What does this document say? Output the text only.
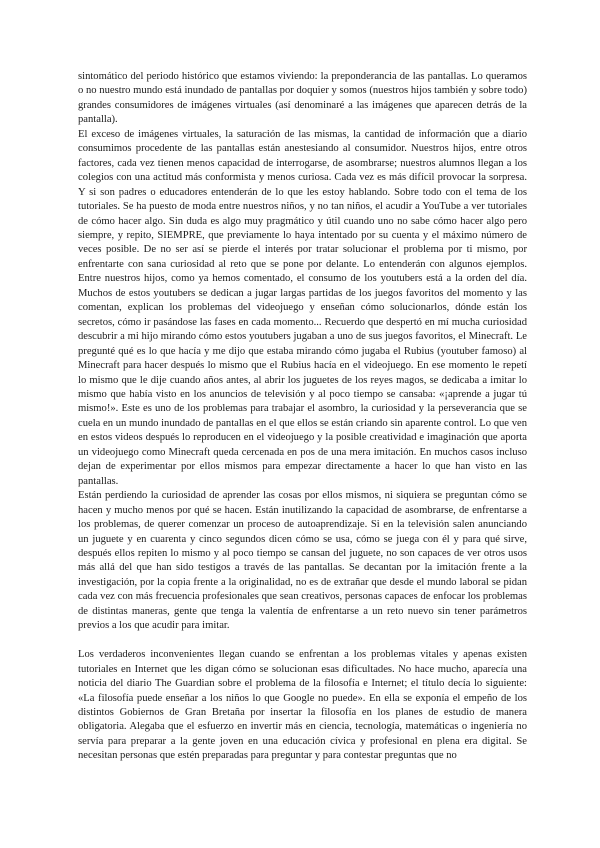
sintomático del periodo histórico que estamos viviendo: la preponderancia de las pantallas. Lo queramos o no nuestro mundo está inundado de pantallas por doquier y somos (nuestros hijos también y sobre todo) grandes consumidores de imágenes virtuales (así denominaré a las imágenes que aparecen detrás de la pantalla).

El exceso de imágenes virtuales, la saturación de las mismas, la cantidad de información que a diario consumimos procedente de las pantallas están anestesiando al consumidor. Nuestros hijos, entre otros factores, cada vez tienen menos capacidad de interrogarse, de asombrarse; nuestros alumnos llegan a los colegios con una actitud más conformista y menos curiosa. Cada vez es más difícil provocar la sorpresa. Y si son padres o educadores entenderán de lo que les estoy hablando. Sobre todo con el tema de los tutoriales. Se ha puesto de moda entre nuestros niños, y no tan niños, el acudir a YouTube a ver tutoriales de cómo hacer algo. Sin duda es algo muy pragmático y útil cuando uno no sabe cómo hacer algo pero siempre, y repito, SIEMPRE, que previamente lo haya intentado por su cuenta y el máximo número de veces posible. De no ser así se pierde el interés por tratar solucionar el problema por ti mismo, por enfrentarte con sana curiosidad al reto que se pone por delante. Lo entenderán con algunos ejemplos. Entre nuestros hijos, como ya hemos comentado, el consumo de los youtubers está a la orden del día. Muchos de estos youtubers se dedican a jugar largas partidas de los juegos favoritos del momento y las comentan, explican los problemas del videojuego y enseñan cómo solucionarlos, dónde están los secretos, cómo ir pasándose las fases en cada momento... Recuerdo que despertó en mí mucha curiosidad descubrir a mi hijo mirando cómo estos youtubers jugaban a uno de sus juegos favoritos, el Minecraft. Le pregunté qué es lo que hacía y me dijo que estaba mirando cómo jugaba el Rubius (youtuber famoso) al Minecraft para hacer después lo mismo que el Rubius hacía en el videojuego. En ese momento le repetí lo mismo que le dije cuando años antes, al abrir los juguetes de los reyes magos, se dedicaba a imitar lo mismo que había visto en los anuncios de televisión y al poco tiempo se cansaba: «¡aprende a jugar tú mismo!». Este es uno de los problemas para trabajar el asombro, la curiosidad y la perseverancia que se cuela en un mundo inundado de pantallas en el que ellos se están criando sin aparente control. Lo que ven en estos videos después lo reproducen en el videojuego y la posible creatividad e imaginación que aporta un videojuego como Minecraft queda cercenada en pos de una mera imitación. En muchos casos incluso dejan de experimentar por ellos mismos para empezar directamente a hacer lo que han visto en las pantallas.

Están perdiendo la curiosidad de aprender las cosas por ellos mismos, ni siquiera se preguntan cómo se hacen y mucho menos por qué se hacen. Están inutilizando la capacidad de asombrarse, de enfrentarse a los problemas, de querer comenzar un proceso de autoaprendizaje. Si en la televisión salen anunciando un juguete y en cuarenta y cinco segundos dicen cómo se usa, cómo se juega con él y para qué sirve, después ellos repiten lo mismo y al poco tiempo se cansan del juguete, no son capaces de ver otros usos más allá del que han sido testigos a través de las pantallas. Se decantan por la imitación frente a la investigación, por la copia frente a la originalidad, no es de extrañar que desde el mundo laboral se pidan cada vez con más frecuencia profesionales que sean creativos, personas capaces de enfocar los problemas de distintas maneras, gente que tenga la valentía de enfrentarse a un reto nuevo sin tener parámetros previos a los que acudir para imitar.

Los verdaderos inconvenientes llegan cuando se enfrentan a los problemas vitales y apenas existen tutoriales en Internet que les digan cómo se solucionan esas dificultades. No hace mucho, aparecía una noticia del diario The Guardian sobre el problema de la filosofía e Internet; el título decía lo siguiente: «La filosofía puede enseñar a los niños lo que Google no puede». En ella se exponía el empeño de los distintos Gobiernos de Gran Bretaña por insertar la filosofía en los planes de estudio de manera obligatoria. Alegaba que el esfuerzo en invertir más en ciencia, tecnología, matemáticas o ingeniería no servía para preparar a la gente joven en una educación cívica y profesional en plena era digital. Se necesitan personas que estén preparadas para preguntar y para contestar preguntas que no
